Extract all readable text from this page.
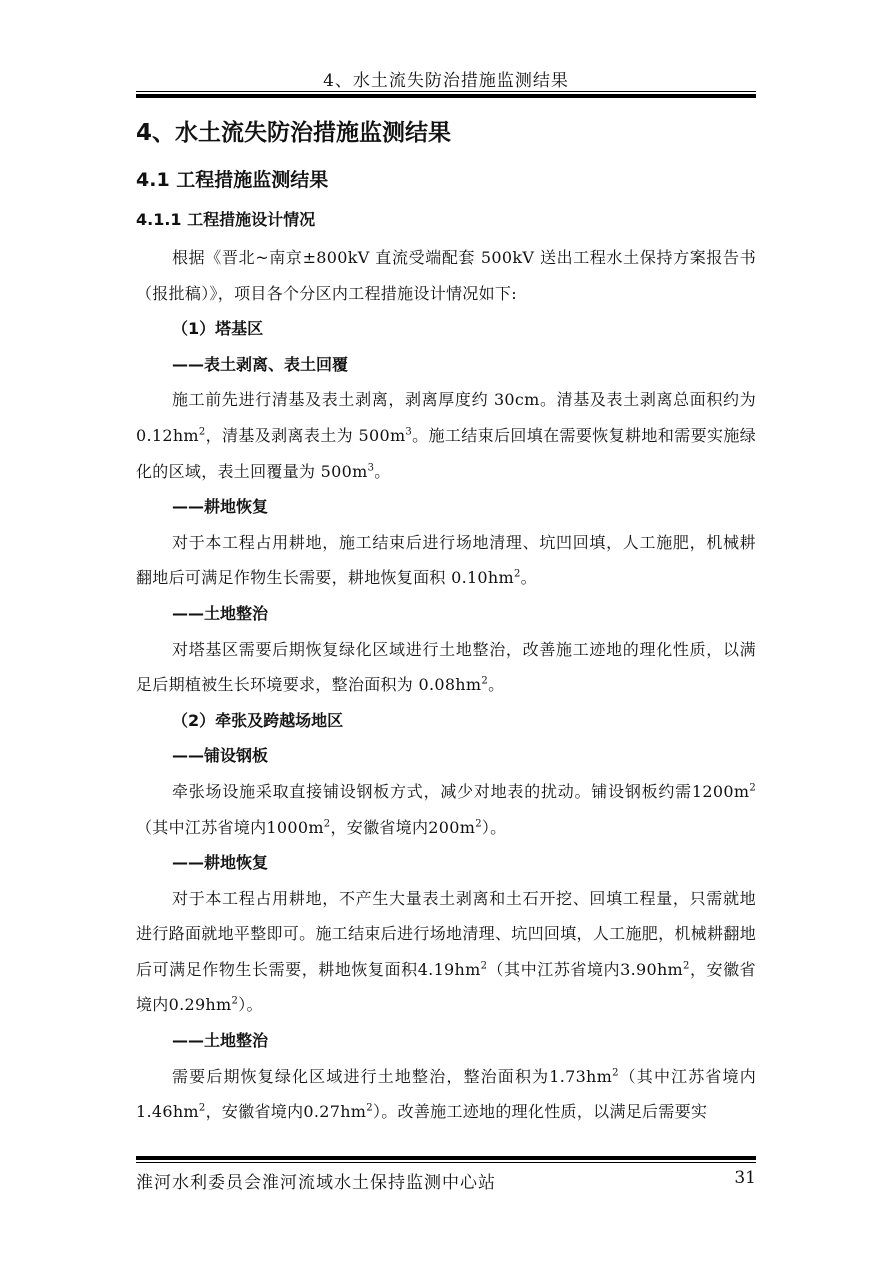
4、水土流失防治措施监测结果
4、水土流失防治措施监测结果
4.1 工程措施监测结果
4.1.1 工程措施设计情况

根据《晋北~南京±800kV 直流受端配套 500kV 送出工程水土保持方案报告书（报批稿）》，项目各个分区内工程措施设计情况如下:

（1）塔基区
——表土剥离、表土回覆

施工前先进行清基及表土剥离，剥离厚度约 30cm。清基及表土剥离总面积约为 $0.12hm^2$，清基及剥离表土为 $500m^3$。施工结束后回填在需要恢复耕地和需要实施绿化的区域，表土回覆量为 $500m^3$。

——耕地恢复

对于本工程占用耕地，施工结束后进行场地清理、坑凹回填，人工施肥，机械耕翻地后可满足作物生长需要，耕地恢复面积 $0.10hm^2$。

——土地整治

对塔基区需要后期恢复绿化区域进行土地整治，改善施工迹地的理化性质，以满足后期植被生长环境要求，整治面积为 $0.08hm^2$。

（2）牵张及跨越场地区
——铺设钢板

牵张场设施采取直接铺设钢板方式，减少对地表的扰动。铺设钢板约需$1200m^2$（其中江苏省境内$1000m^2$，安徽省境内$200m^2$）。

——耕地恢复

对于本工程占用耕地，不产生大量表土剥离和土石开挖、回填工程量，只需就地进行路面就地平整即可。施工结束后进行场地清理、坑凹回填，人工施肥，机械耕翻地后可满足作物生长需要，耕地恢复面积$4.19hm^2$（其中江苏省境内$3.90hm^2$，安徽省境内$0.29hm^2$）。

——土地整治

需要后期恢复绿化区域进行土地整治，整治面积为$1.73hm^2$（其中江苏省境内$1.46hm^2$，安徽省境内$0.27hm^2$）。改善施工迹地的理化性质，以满足后需要实

淮河水利委员会淮河流域水土保持监测中心站	31
